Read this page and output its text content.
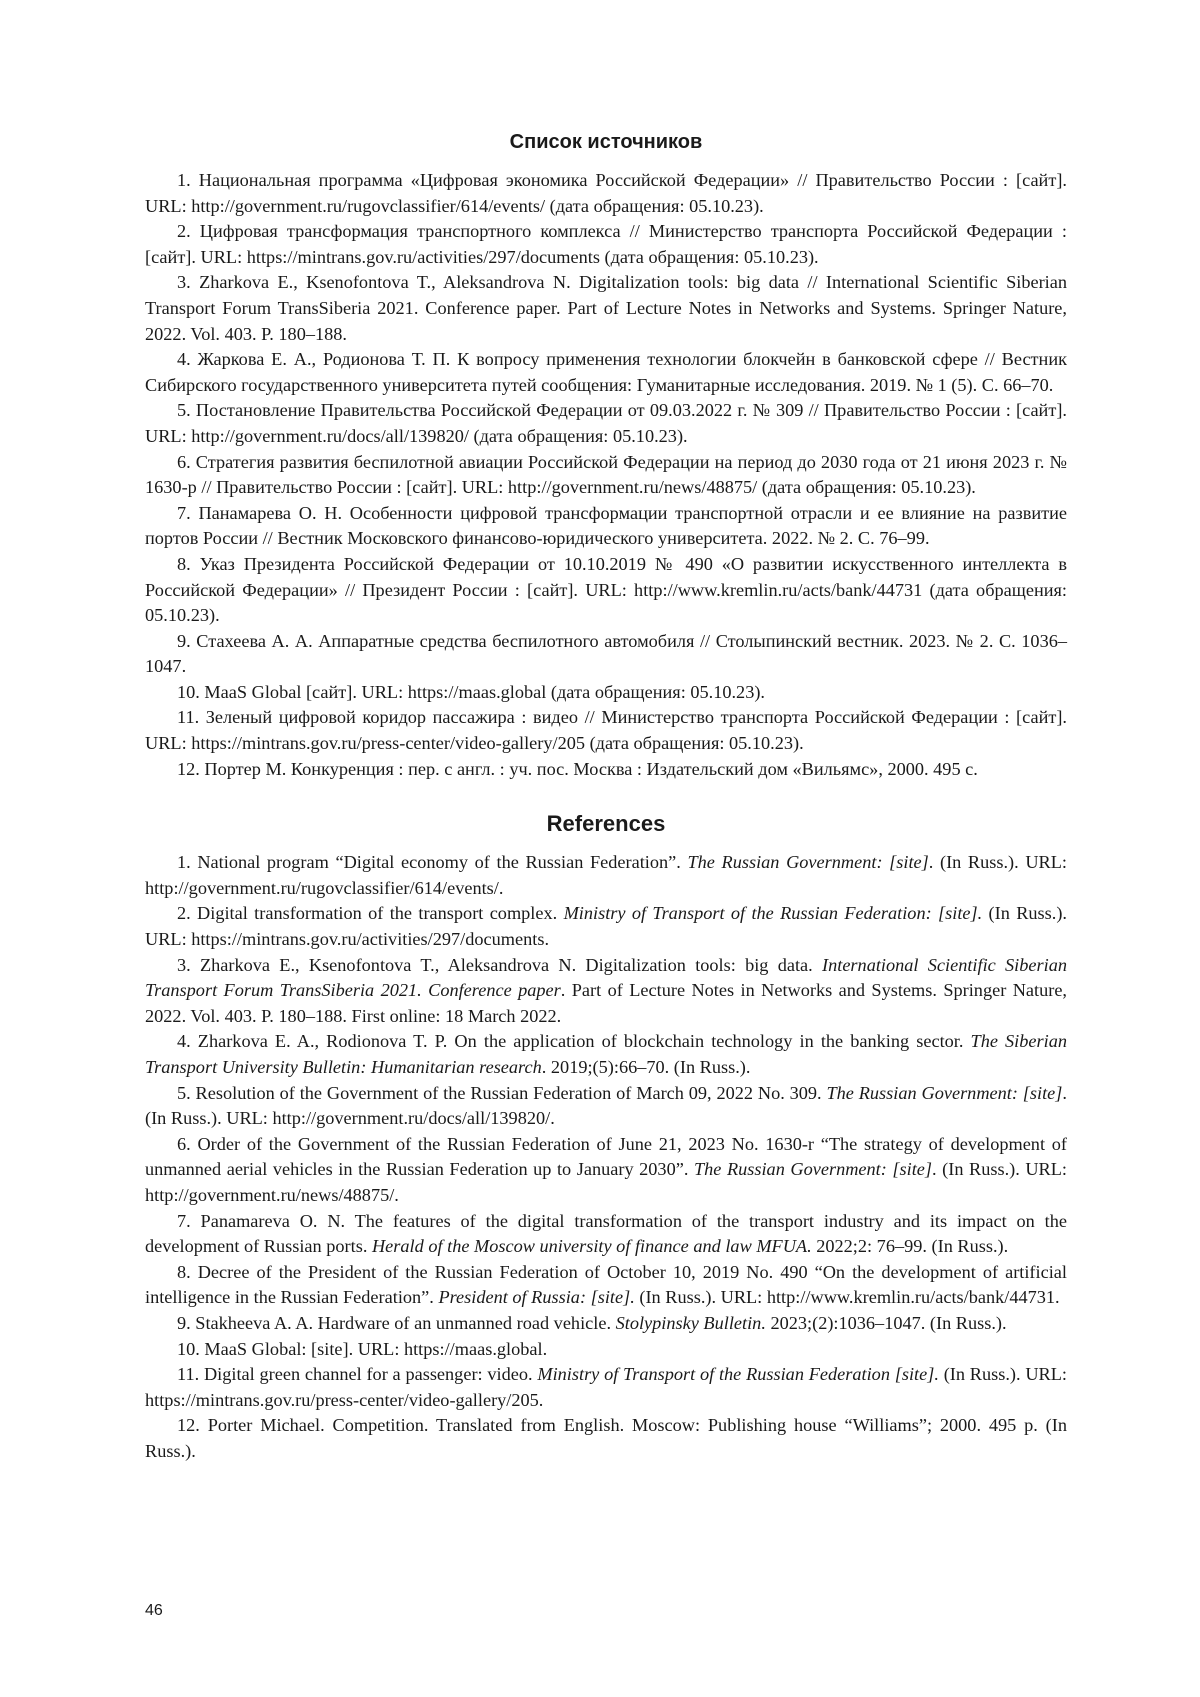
Список источников

1. Национальная программа «Цифровая экономика Российской Федерации» // Правительство России : [сайт]. URL: http://government.ru/rugovclassifier/614/events/ (дата обращения: 05.10.23).

2. Цифровая трансформация транспортного комплекса // Министерство транспорта Российской Федерации : [сайт]. URL: https://mintrans.gov.ru/activities/297/documents (дата обращения: 05.10.23).

3. Zharkova E., Ksenofontova T., Aleksandrova N. Digitalization tools: big data // International Scientific Siberian Transport Forum TransSiberia 2021. Conference paper. Part of Lecture Notes in Networks and Systems. Springer Nature, 2022. Vol. 403. P. 180–188.

4. Жаркова Е. А., Родионова Т. П. К вопросу применения технологии блокчейн в банковской сфере // Вестник Сибирского государственного университета путей сообщения: Гуманитарные исследования. 2019. № 1 (5). С. 66–70.

5. Постановление Правительства Российской Федерации от 09.03.2022 г. № 309 // Правительство России : [сайт]. URL: http://government.ru/docs/all/139820/ (дата обращения: 05.10.23).

6. Стратегия развития беспилотной авиации Российской Федерации на период до 2030 года от 21 июня 2023 г. № 1630-р // Правительство России : [сайт]. URL: http://government.ru/news/48875/ (дата обращения: 05.10.23).

7. Панамарева О. Н. Особенности цифровой трансформации транспортной отрасли и ее влияние на развитие портов России // Вестник Московского финансово-юридического университета. 2022. № 2. С. 76–99.

8. Указ Президента Российской Федерации от 10.10.2019 № 490 «О развитии искусственного интеллекта в Российской Федерации» // Президент России : [сайт]. URL: http://www.kremlin.ru/acts/bank/44731 (дата обращения: 05.10.23).

9. Стахеева А. А. Аппаратные средства беспилотного автомобиля // Столыпинский вестник. 2023. № 2. С. 1036–1047.

10. MaaS Global [сайт]. URL: https://maas.global (дата обращения: 05.10.23).

11. Зеленый цифровой коридор пассажира : видео // Министерство транспорта Российской Федерации : [сайт]. URL: https://mintrans.gov.ru/press-center/video-gallery/205 (дата обращения: 05.10.23).

12. Портер М. Конкуренция : пер. с англ. : уч. пос. Москва : Издательский дом «Вильямс», 2000. 495 с.

References

1. National program “Digital economy of the Russian Federation”. The Russian Government: [site]. (In Russ.). URL: http://government.ru/rugovclassifier/614/events/.

2. Digital transformation of the transport complex. Ministry of Transport of the Russian Federation: [site]. (In Russ.). URL: https://mintrans.gov.ru/activities/297/documents.

3. Zharkova E., Ksenofontova T., Aleksandrova N. Digitalization tools: big data. International Scientific Siberian Transport Forum TransSiberia 2021. Conference paper. Part of Lecture Notes in Networks and Systems. Springer Nature, 2022. Vol. 403. P. 180–188. First online: 18 March 2022.

4. Zharkova E. A., Rodionova T. P. On the application of blockchain technology in the banking sector. The Siberian Transport University Bulletin: Humanitarian research. 2019;(5):66–70. (In Russ.).

5. Resolution of the Government of the Russian Federation of March 09, 2022 No. 309. The Russian Government: [site]. (In Russ.). URL: http://government.ru/docs/all/139820/.

6. Order of the Government of the Russian Federation of June 21, 2023 No. 1630-r “The strategy of development of unmanned aerial vehicles in the Russian Federation up to January 2030”. The Russian Government: [site]. (In Russ.). URL: http://government.ru/news/48875/.

7. Panamareva O. N. The features of the digital transformation of the transport industry and its impact on the development of Russian ports. Herald of the Moscow university of finance and law MFUA. 2022;2: 76–99. (In Russ.).

8. Decree of the President of the Russian Federation of October 10, 2019 No. 490 “On the development of artificial intelligence in the Russian Federation”. President of Russia: [site]. (In Russ.). URL: http://www.kremlin.ru/acts/bank/44731.

9. Stakheeva A. A. Hardware of an unmanned road vehicle. Stolypinsky Bulletin. 2023;(2):1036–1047. (In Russ.).

10. MaaS Global: [site]. URL: https://maas.global.

11. Digital green channel for a passenger: video. Ministry of Transport of the Russian Federation [site]. (In Russ.). URL: https://mintrans.gov.ru/press-center/video-gallery/205.

12. Porter Michael. Competition. Translated from English. Moscow: Publishing house “Williams”; 2000. 495 p. (In Russ.).

46
